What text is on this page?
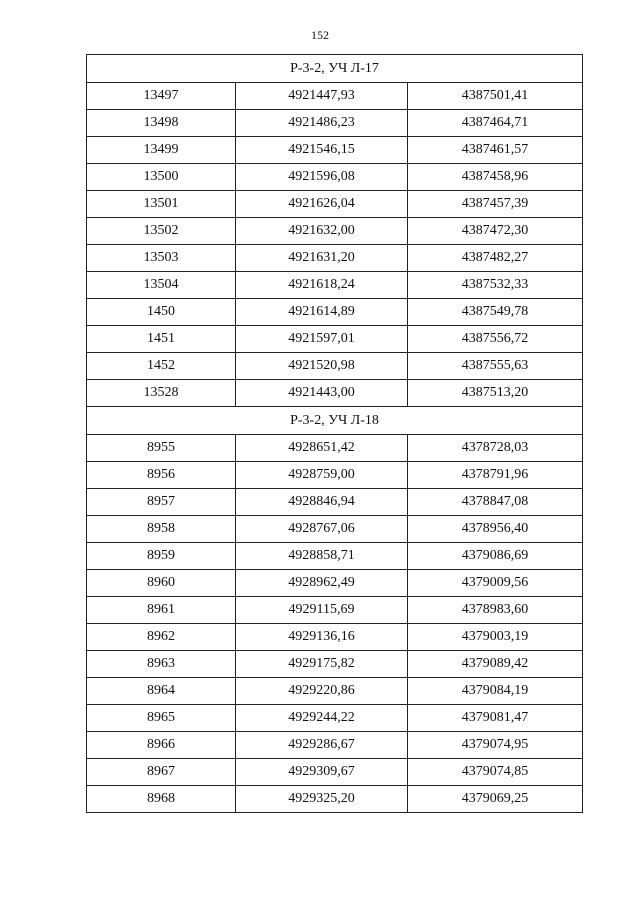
152
Р-3-2, УЧ Л-17		
13497	4921447,93	4387501,41
13498	4921486,23	4387464,71
13499	4921546,15	4387461,57
13500	4921596,08	4387458,96
13501	4921626,04	4387457,39
13502	4921632,00	4387472,30
13503	4921631,20	4387482,27
13504	4921618,24	4387532,33
1450	4921614,89	4387549,78
1451	4921597,01	4387556,72
1452	4921520,98	4387555,63
13528	4921443,00	4387513,20
Р-3-2, УЧ Л-18		
8955	4928651,42	4378728,03
8956	4928759,00	4378791,96
8957	4928846,94	4378847,08
8958	4928767,06	4378956,40
8959	4928858,71	4379086,69
8960	4928962,49	4379009,56
8961	4929115,69	4378983,60
8962	4929136,16	4379003,19
8963	4929175,82	4379089,42
8964	4929220,86	4379084,19
8965	4929244,22	4379081,47
8966	4929286,67	4379074,95
8967	4929309,67	4379074,85
8968	4929325,20	4379069,25
